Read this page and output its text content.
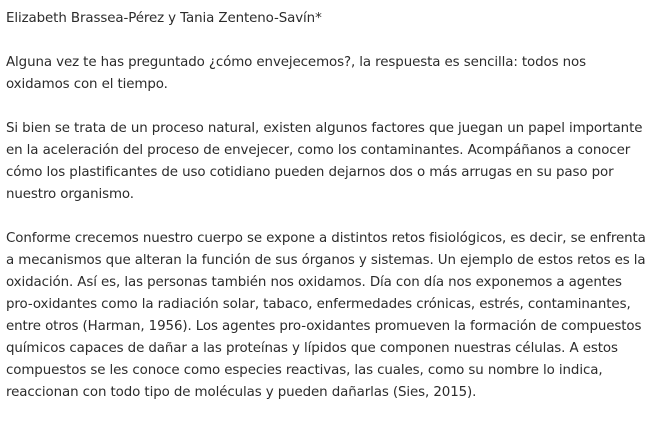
Elizabeth Brassea-Pérez y Tania Zenteno-Savín*

Alguna vez te has preguntado ¿cómo envejecemos?, la respuesta es sencilla: todos nos oxidamos con el tiempo.

Si bien se trata de un proceso natural, existen algunos factores que juegan un papel importante en la aceleración del proceso de envejecer, como los contaminantes. Acompáñanos a conocer cómo los plastificantes de uso cotidiano pueden dejarnos dos o más arrugas en su paso por nuestro organismo.

Conforme crecemos nuestro cuerpo se expone a distintos retos fisiológicos, es decir, se enfrenta a mecanismos que alteran la función de sus órganos y sistemas. Un ejemplo de estos retos es la oxidación. Así es, las personas también nos oxidamos. Día con día nos exponemos a agentes pro-oxidantes como la radiación solar, tabaco, enfermedades crónicas, estrés, contaminantes, entre otros (Harman, 1956). Los agentes pro-oxidantes promueven la formación de compuestos químicos capaces de dañar a las proteínas y lípidos que componen nuestras células. A estos compuestos se les conoce como especies reactivas, las cuales, como su nombre lo indica, reaccionan con todo tipo de moléculas y pueden dañarlas (Sies, 2015).
